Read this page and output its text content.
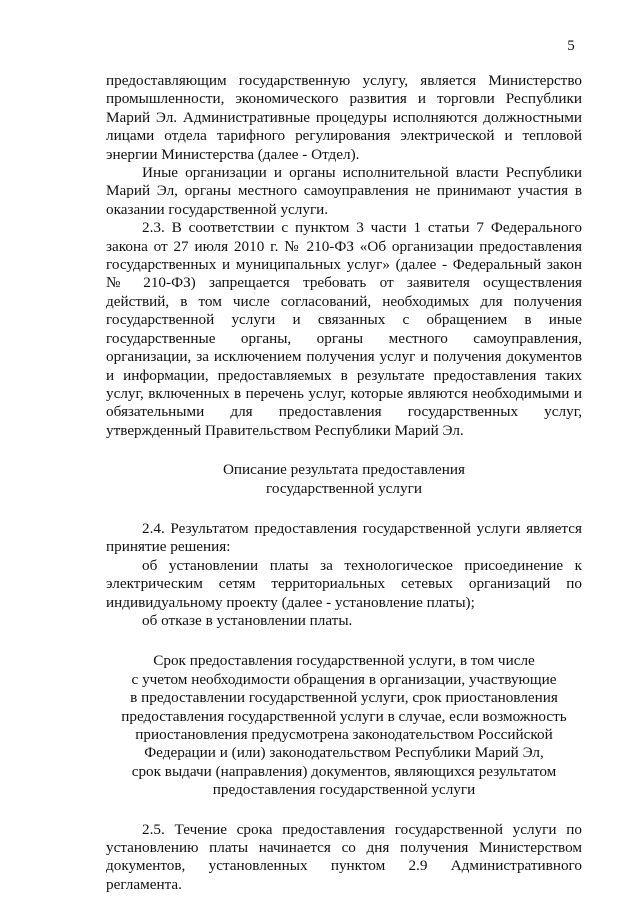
5

предоставляющим государственную услугу, является Министерство промышленности, экономического развития и торговли Республики Марий Эл. Административные процедуры исполняются должностными лицами отдела тарифного регулирования электрической и тепловой энергии Министерства (далее - Отдел).

Иные организации и органы исполнительной власти Республики Марий Эл, органы местного самоуправления не принимают участия в оказании государственной услуги.

2.3. В соответствии с пунктом 3 части 1 статьи 7 Федерального закона от 27 июля 2010 г. № 210-ФЗ «Об организации предоставления государственных и муниципальных услуг» (далее - Федеральный закон № 210-ФЗ) запрещается требовать от заявителя осуществления действий, в том числе согласований, необходимых для получения государственной услуги и связанных с обращением в иные государственные органы, органы местного самоуправления, организации, за исключением получения услуг и получения документов и информации, предоставляемых в результате предоставления таких услуг, включенных в перечень услуг, которые являются необходимыми и обязательными для предоставления государственных услуг, утвержденный Правительством Республики Марий Эл.

Описание результата предоставления
государственной услуги

2.4. Результатом предоставления государственной услуги является принятие решения:

об установлении платы за технологическое присоединение к электрическим сетям территориальных сетевых организаций по индивидуальному проекту (далее - установление платы);

об отказе в установлении платы.

Срок предоставления государственной услуги, в том числе
с учетом необходимости обращения в организации, участвующие
в предоставлении государственной услуги, срок приостановления
предоставления государственной услуги в случае, если возможность
приостановления предусмотрена законодательством Российской
Федерации и (или) законодательством Республики Марий Эл,
срок выдачи (направления) документов, являющихся результатом
предоставления государственной услуги

2.5. Течение срока предоставления государственной услуги по установлению платы начинается со дня получения Министерством документов, установленных пунктом 2.9 Административного регламента.
